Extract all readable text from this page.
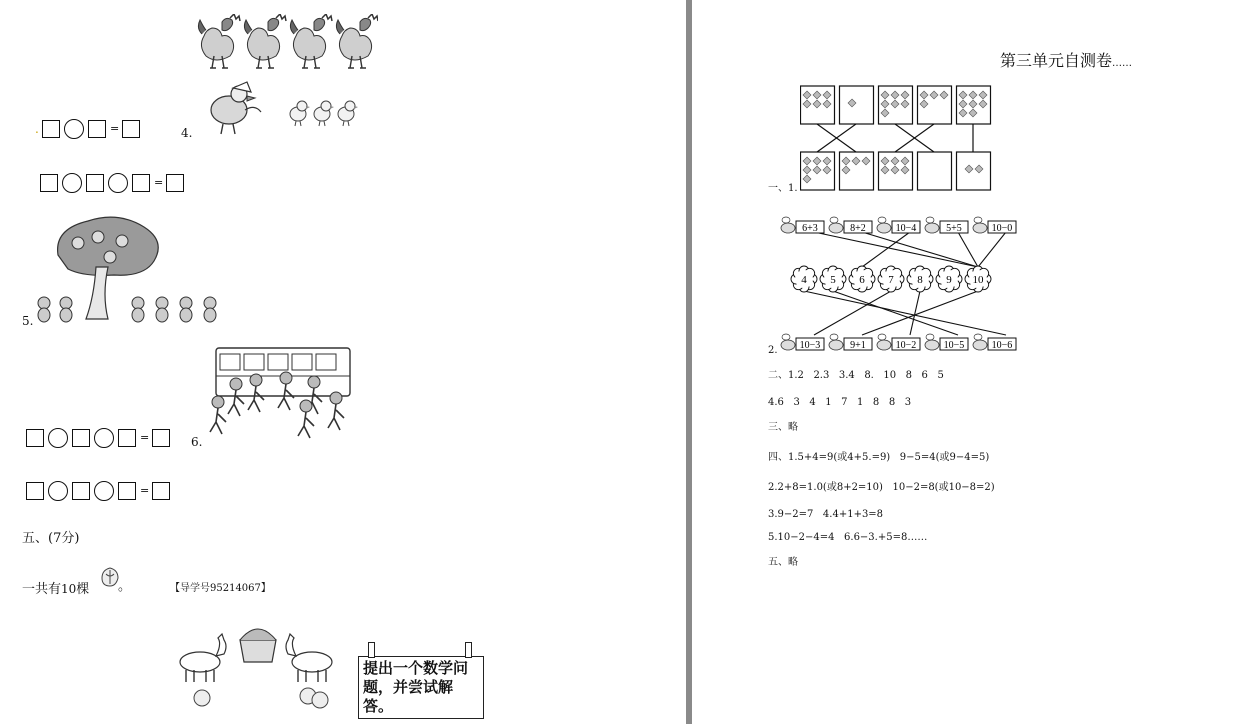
.	=	4.
=
5.
=	6.
=
五、(7分)
一共有10棵 。	【导学号95214067】
提出一个数学问
题，并尝试解答。
第三单元自测卷……
一、1.
6+3	8+2	10−4	5+5	10−0
10−3	9+1	10−2	10−5	10−6
4 5 6 7 8 9 10
2.
二、1.2   2.3   3.4   8.   10   8   6   5
4.6   3   4   1   7   1   8   8   3
三、略
四、1.5+4=9(或4+5.=9)   9−5=4(或9−4=5)
2.2+8=1.0(或8+2=10)   10−2=8(或10−8=2)
3.9−2=7   4.4+1+3=8
5.10−2−4=4   6.6−3.+5=8……
五、略
